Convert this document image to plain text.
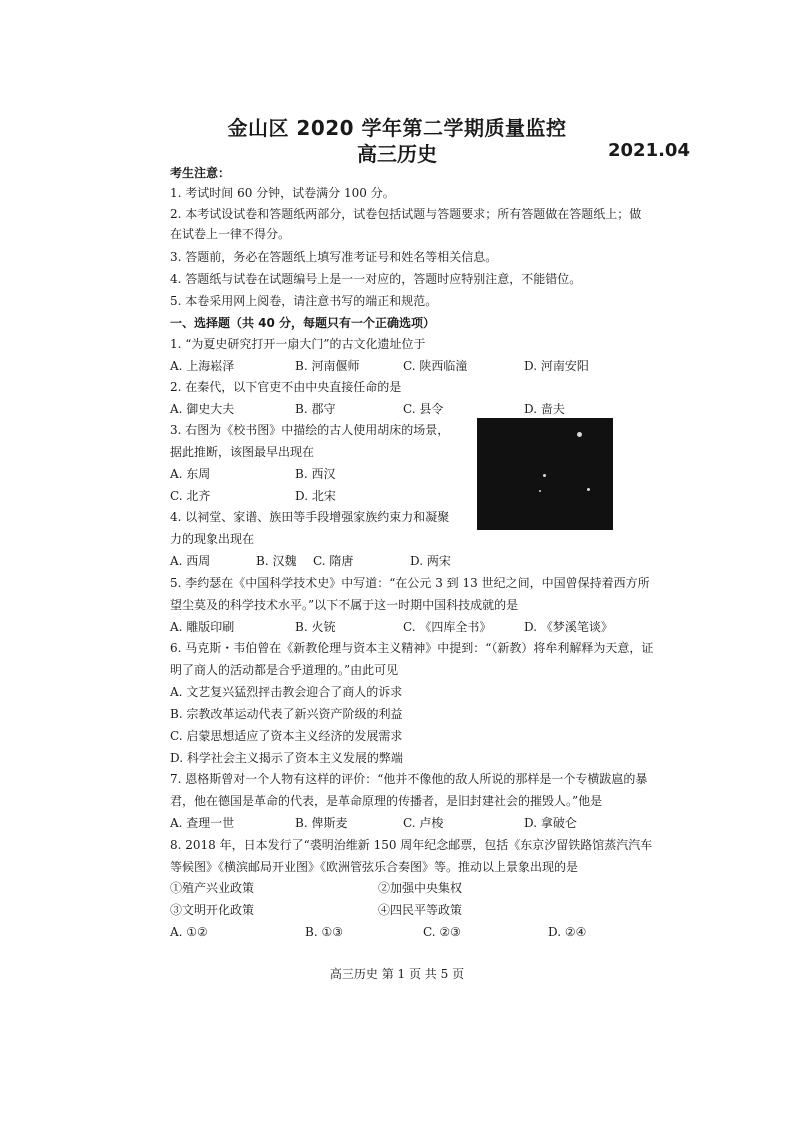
金山区 2020 学年第二学期质量监控
高三历史	2021.04
考生注意：
1. 考试时间 60 分钟，试卷满分 100 分。
2. 本考试设试卷和答题纸两部分，试卷包括试题与答题要求；所有答题做在答题纸上；做
在试卷上一律不得分。
3. 答题前，务必在答题纸上填写准考证号和姓名等相关信息。
4. 答题纸与试卷在试题编号上是一一对应的，答题时应特别注意，不能错位。
5. 本卷采用网上阅卷，请注意书写的端正和规范。
一、选择题（共 40 分，每题只有一个正确选项）
1. “为夏史研究打开一扇大门”的古文化遗址位于
A. 上海崧泽	B. 河南偃师	C. 陕西临潼	D. 河南安阳
2. 在秦代，以下官吏不由中央直接任命的是
A. 御史大夫	B. 郡守	C. 县令	D. 啬夫
3. 右图为《校书图》中描绘的古人使用胡床的场景，
据此推断，该图最早出现在
A. 东周	B. 西汉
C. 北齐	D. 北宋
4. 以祠堂、家谱、族田等手段增强家族约束力和凝聚
力的现象出现在
A. 西周	B. 汉魏 C. 隋唐	D. 两宋
5. 李约瑟在《中国科学技术史》中写道：“在公元 3 到 13 世纪之间，中国曾保持着西方所
望尘莫及的科学技术水平。”以下不属于这一时期中国科技成就的是
A. 雕版印刷	B. 火铳	C. 《四库全书》	D. 《梦溪笔谈》
6. 马克斯・韦伯曾在《新教伦理与资本主义精神》中提到：“（新教）将牟利解释为天意，证
明了商人的活动都是合乎道理的。”由此可见
A. 文艺复兴猛烈抨击教会迎合了商人的诉求
B. 宗教改革运动代表了新兴资产阶级的利益
C. 启蒙思想适应了资本主义经济的发展需求
D. 科学社会主义揭示了资本主义发展的弊端
7. 恩格斯曾对一个人物有这样的评价：“他并不像他的敌人所说的那样是一个专横跋扈的暴
君，他在德国是革命的代表，是革命原理的传播者，是旧封建社会的摧毁人。”他是
A. 查理一世	B. 俾斯麦	C. 卢梭	D. 拿破仑
8. 2018 年，日本发行了“裘明治维新 150 周年纪念邮票，包括《东京汐留铁路馆蒸汽汽车
等候图》《横滨邮局开业图》《欧洲管弦乐合奏图》等。推动以上景象出现的是
①殖产兴业政策	②加强中央集权
③文明开化政策	④四民平等政策
A. ①②	B. ①③	C. ②③	D. ②④
高三历史 第 1 页 共 5 页
